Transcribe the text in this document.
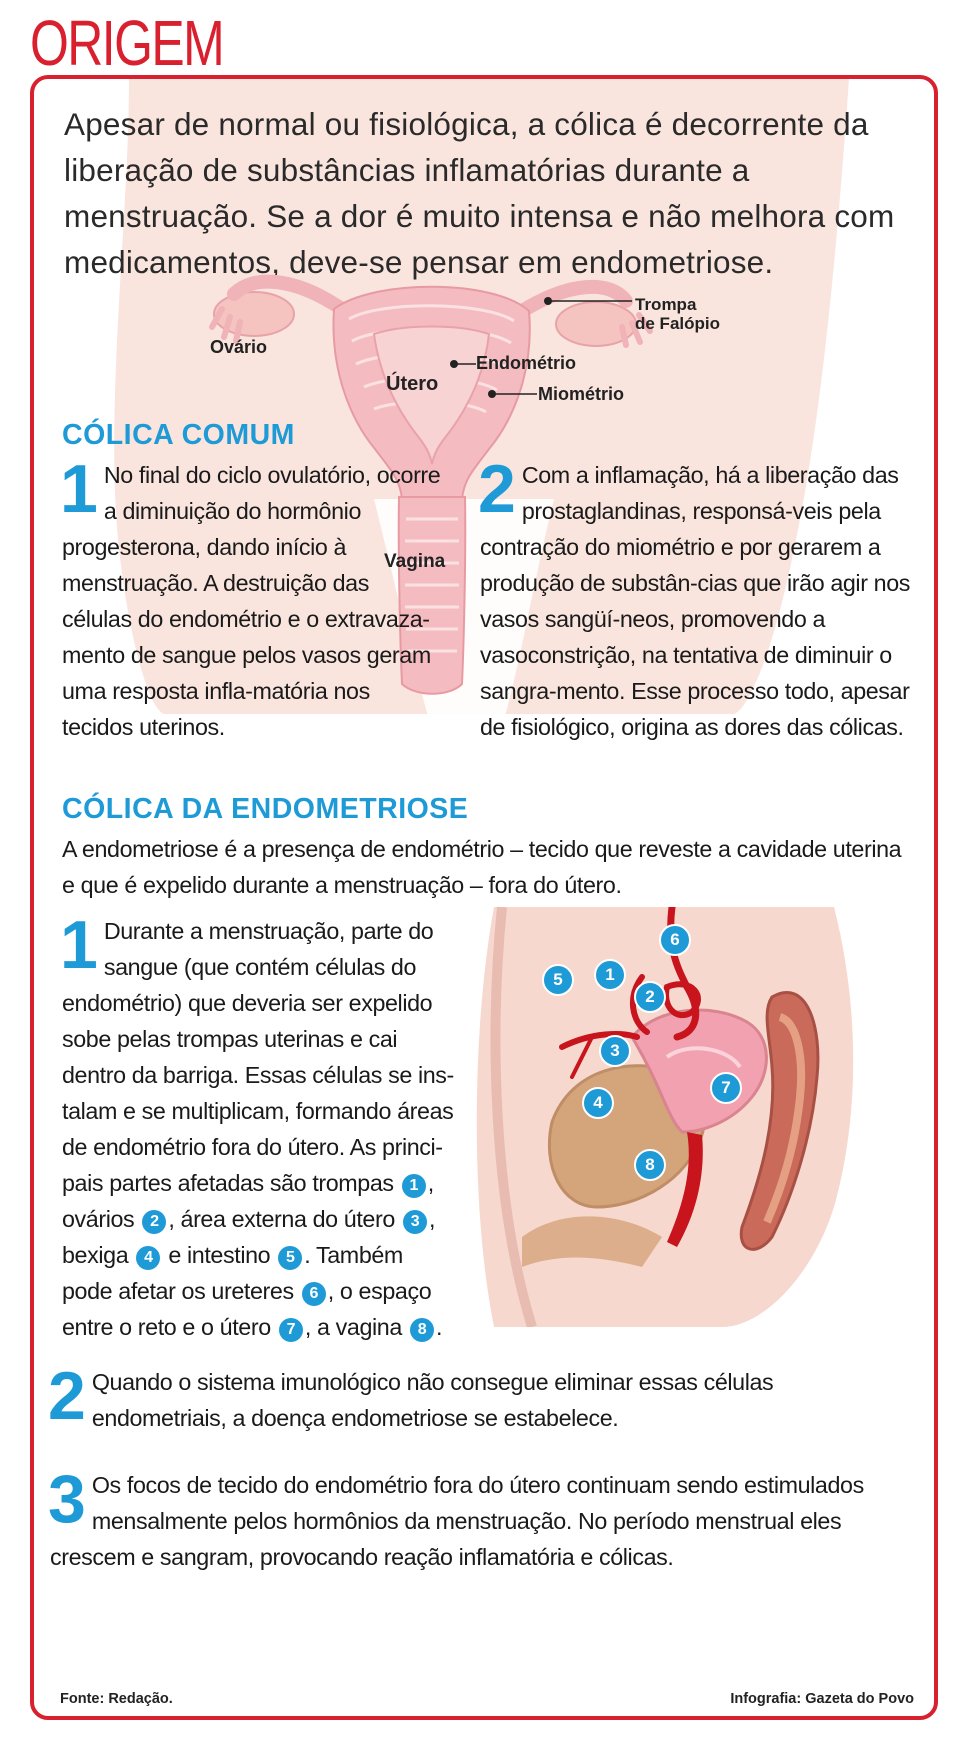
ORIGEM

Apesar de normal ou fisiológica, a cólica é decorrente da liberação de substâncias inflamatórias durante a menstruação. Se a dor é muito intensa e não melhora com medicamentos, deve-se pensar em endometriose.

Trompa
de Falópio

Ovário

Endométrio

Útero	Miométrio

Vagina

CÓLICA COMUM
1 No final do ciclo ovulatório, ocorre a diminuição do hormônio progesterona, dando início à menstruação. A destruição das células do endométrio e o extravaza-mento de sangue pelos vasos geram uma resposta infla-matória nos tecidos uterinos.
2 Com a inflamação, há a liberação das prostaglandinas, responsá-veis pela contração do miométrio e por gerarem a produção de substân-cias que irão agir nos vasos sangüí-neos, promovendo a vasoconstrição, na tentativa de diminuir o sangra-mento. Esse processo todo, apesar de fisiológico, origina as dores das cólicas.
CÓLICA DA ENDOMETRIOSE

A endometriose é a presença de endométrio – tecido que reveste a cavidade uterina e que é expelido durante a menstruação – fora do útero.

6
5	1
2
3
4
7
8
1 Durante a menstruação, parte do sangue (que contém células do endométrio) que deveria ser expelido sobe pelas trompas uterinas e cai dentro da barriga. Essas células se ins-talam e se multiplicam, formando áreas de endométrio fora do útero. As princi-pais partes afetadas são trompas 1 , ovários 2 , área externa do útero 3 , bexiga 4 e intestino 5 . Também pode afetar os ureteres 6 , o espaço entre o reto e o útero 7 , a vagina 8 .
2 Quando o sistema imunológico não consegue eliminar essas células endometriais, a doença endometriose se estabelece.
3 Os focos de tecido do endométrio fora do útero continuam sendo estimulados mensalmente pelos hormônios da menstruação. No período menstrual eles crescem e sangram, provocando reação inflamatória e cólicas.

Fonte: Redação.	Infografia: Gazeta do Povo
